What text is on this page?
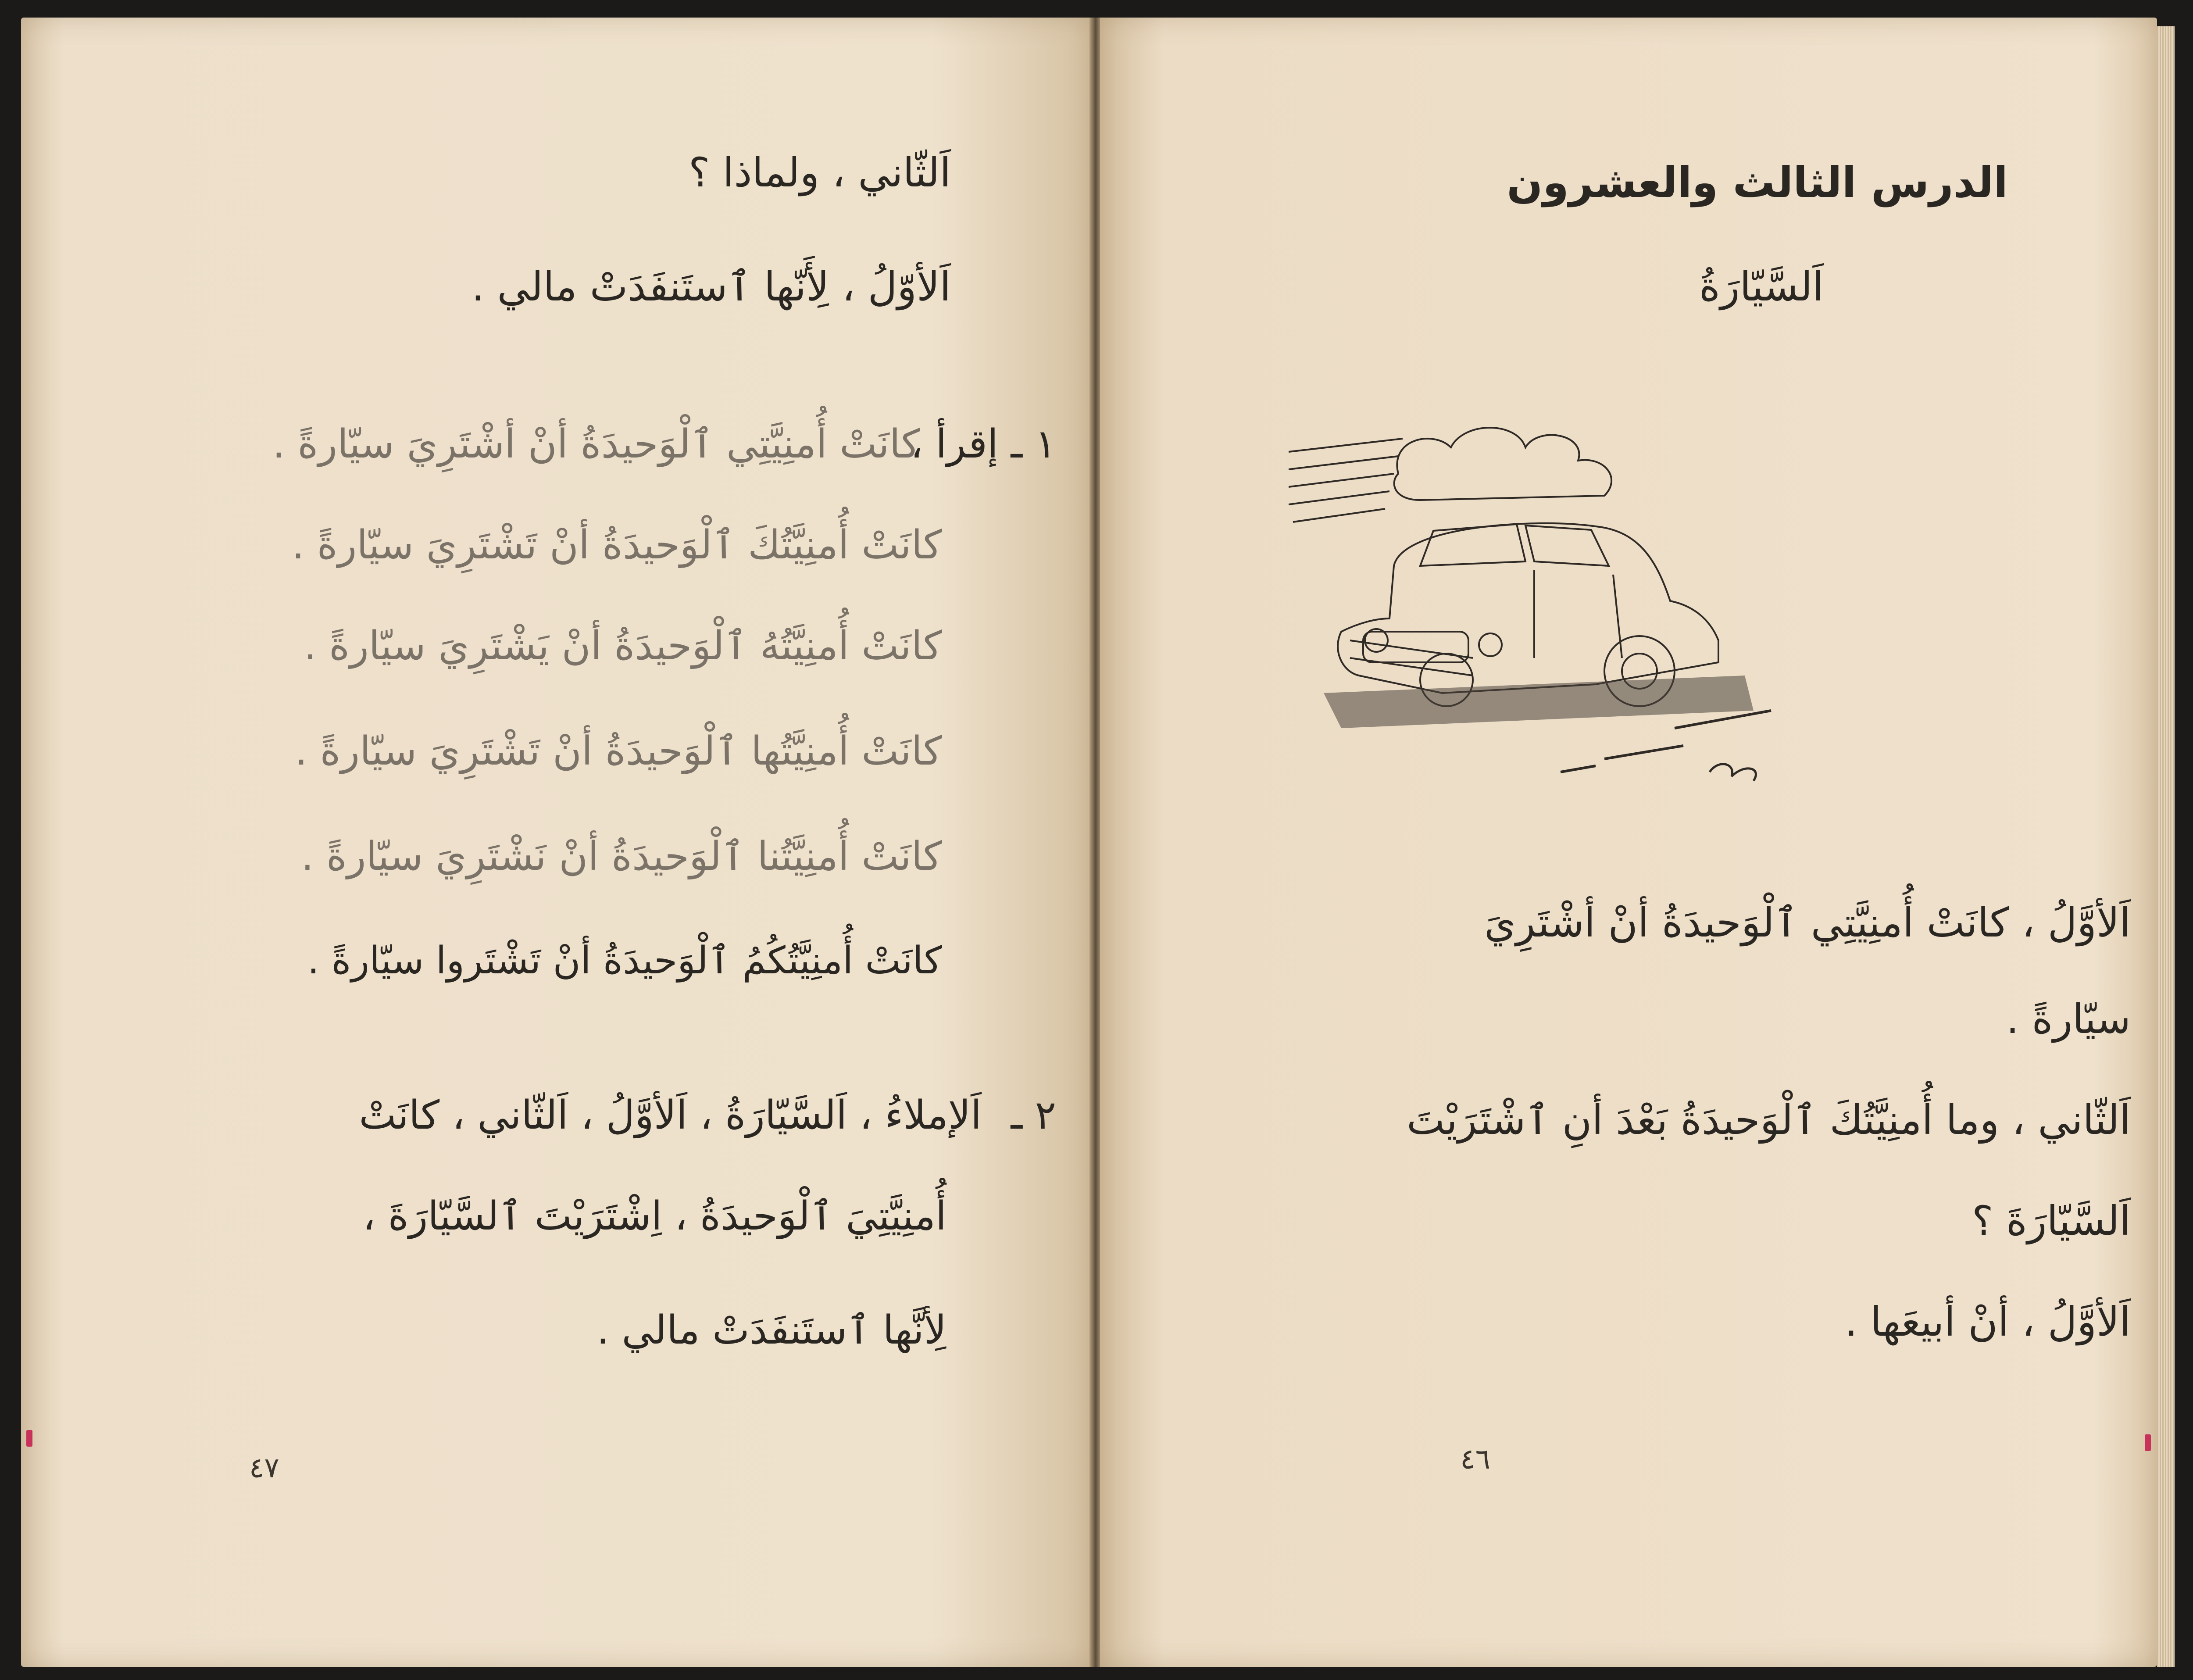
اَلثّاني ، ولماذا ؟
اَلأوّلُ ، لِأَنّها ٱستَنفَدَتْ مالي .
١ ـ إقرأ ،
كانَتْ أُمنِيَّتِي ٱلْوَحيدَةُ أنْ أشْتَرِيَ سيّارةً .
كانَتْ أُمنِيَّتُكَ ٱلْوَحيدَةُ أنْ تَشْتَرِيَ سيّارةً .
كانَتْ أُمنِيَّتُهُ ٱلْوَحيدَةُ أنْ يَشْتَرِيَ سيّارةً .
كانَتْ أُمنِيَّتُها ٱلْوَحيدَةُ أنْ تَشْتَرِيَ سيّارةً .
كانَتْ أُمنِيَّتُنا ٱلْوَحيدَةُ أنْ نَشْتَرِيَ سيّارةً .
كانَتْ أُمنِيَّتُكُمُ ٱلْوَحيدَةُ أنْ تَشْتَروا سيّارةً .
٢ ـ
اَلإملاءُ ، اَلسَّيّارَةُ ، اَلأوَّلُ ، اَلثّاني ، كانَتْ
أُمنِيَّتِيَ ٱلْوَحيدَةُ ، اِشْتَرَيْتَ ٱلسَّيّارَةَ ،
لِأنَّها ٱستَنفَدَتْ مالي .
٤٧
الدرس الثالث والعشرون
اَلسَّيّارَةُ
اَلأوَّلُ ، كانَتْ أُمنِيَّتِي ٱلْوَحيدَةُ أنْ أشْتَرِيَ
سيّارةً .
اَلثّاني ، وما أُمنِيَّتُكَ ٱلْوَحيدَةُ بَعْدَ أنِ ٱشْتَرَيْتَ
اَلسَّيّارَةَ ؟
اَلأوَّلُ ، أنْ أبيعَها .
٤٦
